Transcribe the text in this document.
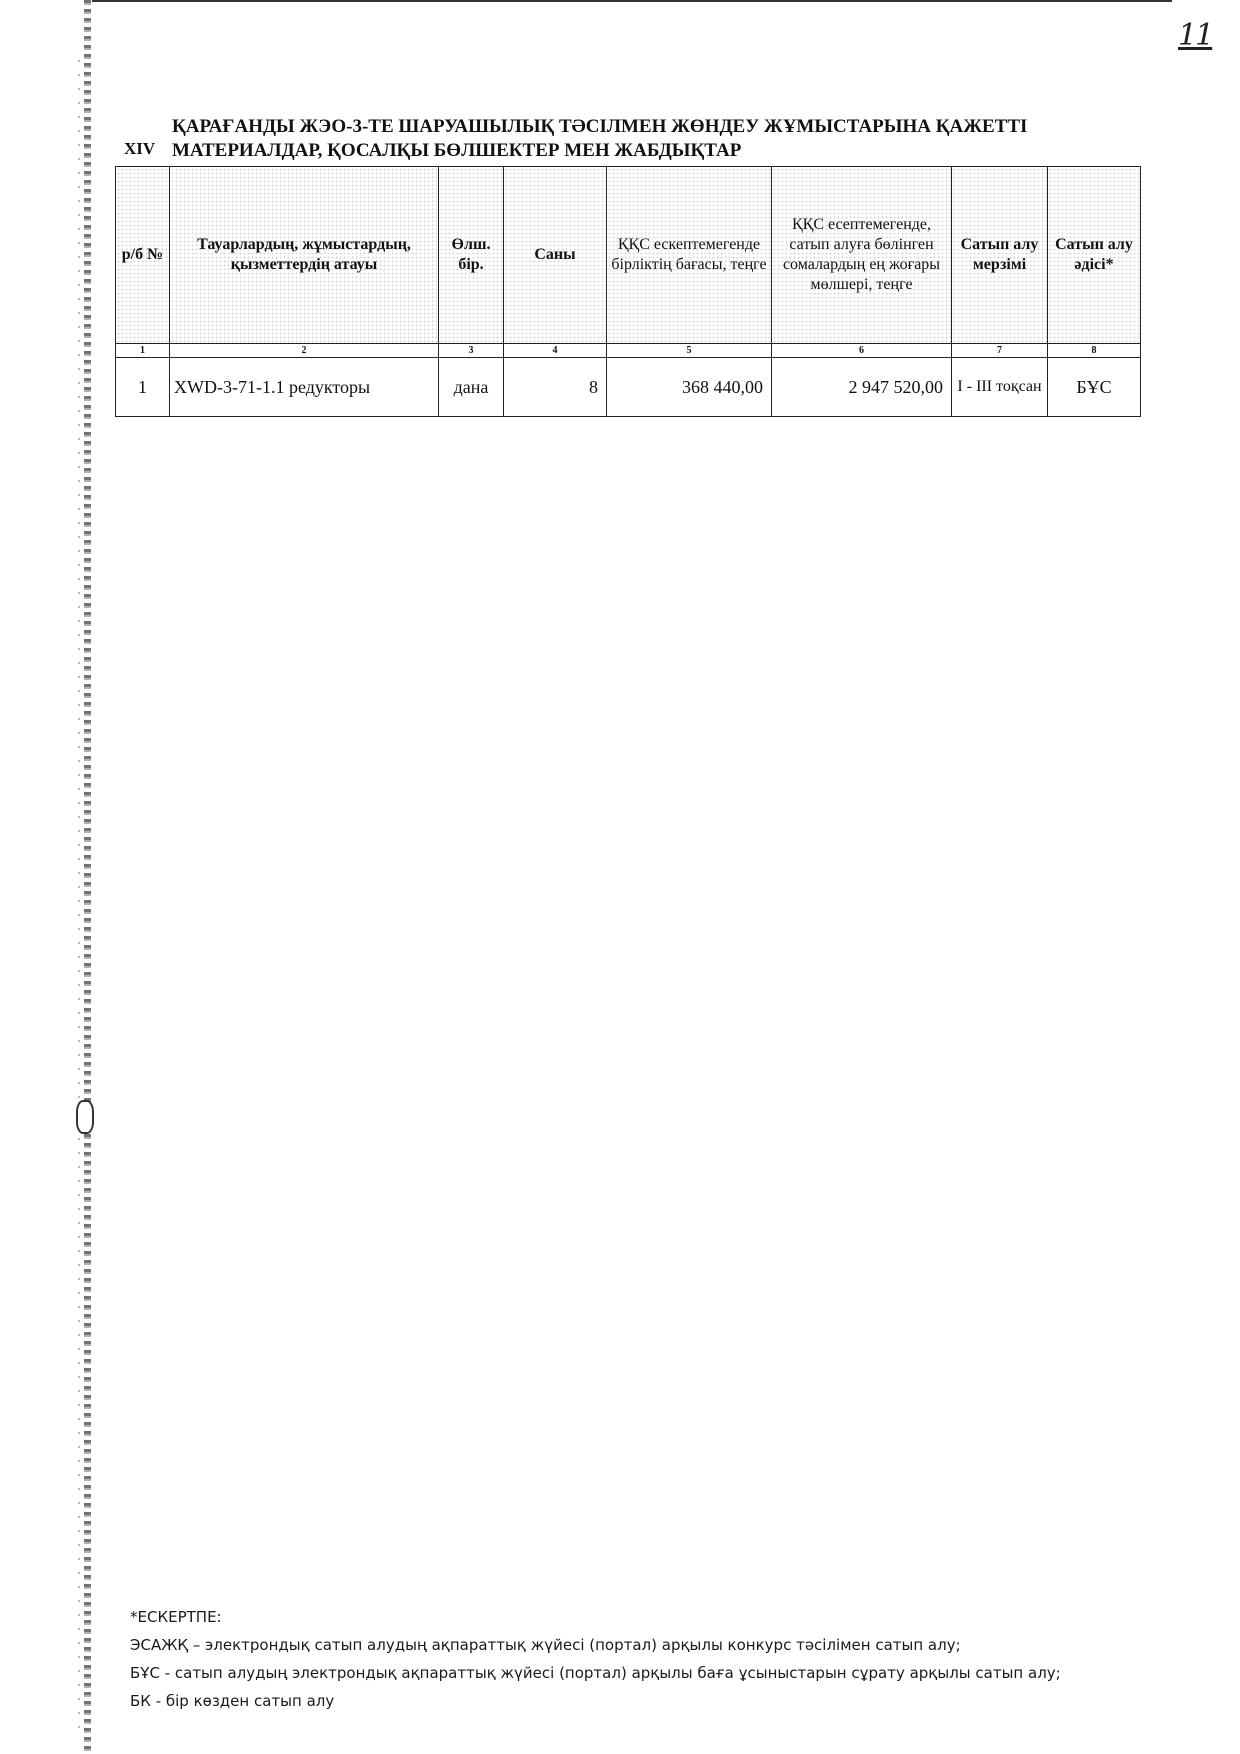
11
XIV
ҚАРАҒАНДЫ ЖЭО-3-ТЕ ШАРУАШЫЛЫҚ ТӘСІЛМЕН ЖӨНДЕУ ЖҰМЫСТАРЫНА ҚАЖЕТТІ
МАТЕРИАЛДАР, ҚОСАЛҚЫ БӨЛШЕКТЕР МЕН ЖАБДЫҚТАР
р/б №	Тауарлардың, жұмыстардың, қызметтердің атауы	Өлш. бір.	Саны	ҚҚС ескептемегенде бірліктің бағасы, теңге	ҚҚС есептемегенде, сатып алуға бөлінген сомалардың ең жоғары мөлшері, теңге	Сатып алу мерзімі	Сатып алу әдісі*
1	2	3	4	5	6	7	8
1	XWD-3-71-1.1 редукторы	дана	8	368 440,00	2 947 520,00	I - III тоқсан	БҰС
*ЕСКЕРТПЕ:
ЭСАЖҚ – электрондық сатып алудың ақпараттық жүйесі (портал) арқылы конкурс тәсілімен сатып алу;
БҰС - сатып алудың электрондық ақпараттық жүйесі (портал) арқылы баға ұсыныстарын сұрату арқылы сатып алу;
БК - бір көзден сатып алу
